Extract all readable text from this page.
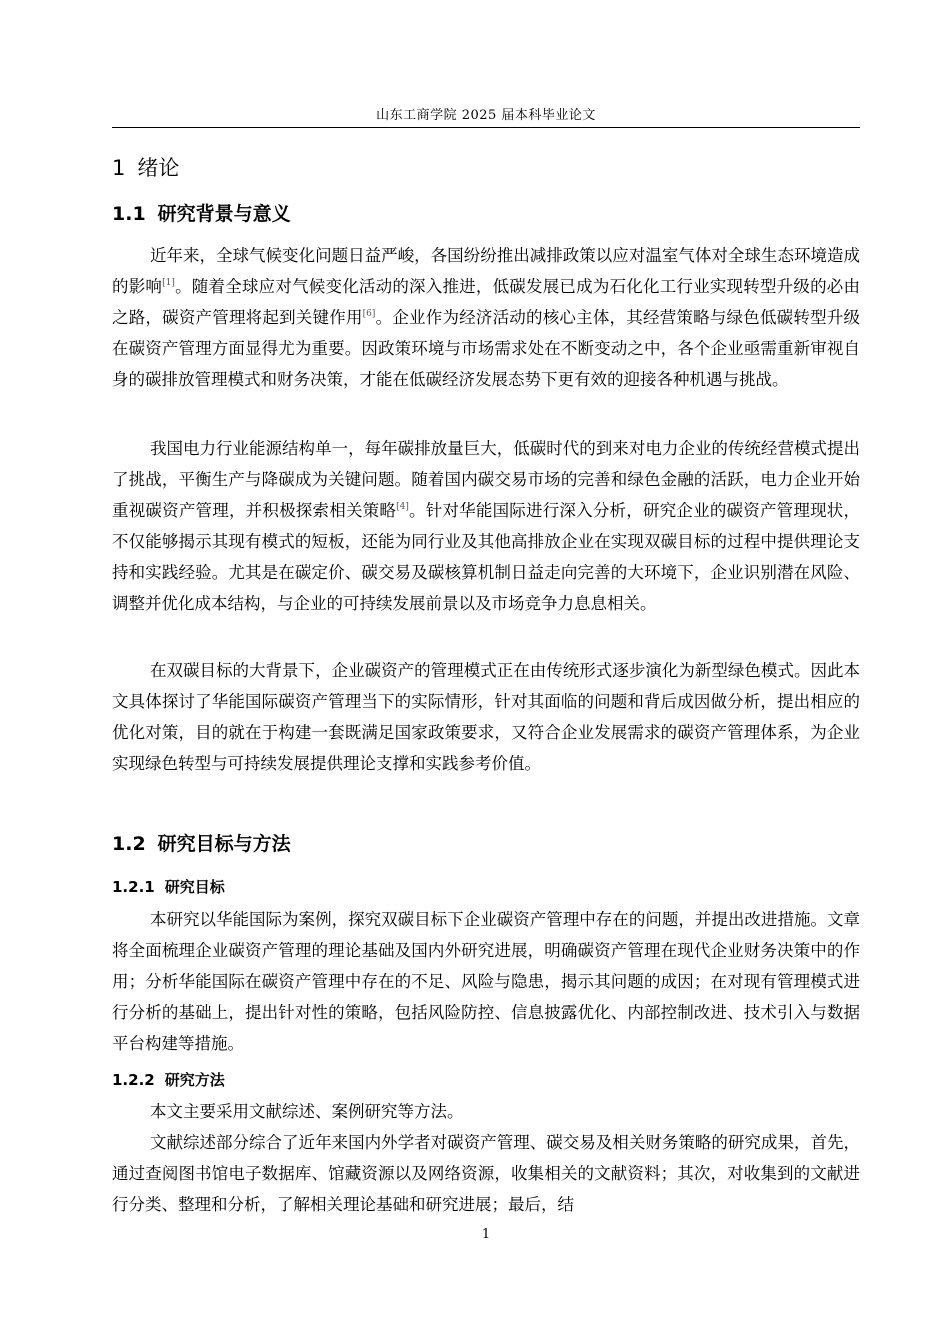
山东工商学院 2025 届本科毕业论文
1 绪论
1.1 研究背景与意义
近年来，全球气候变化问题日益严峻，各国纷纷推出减排政策以应对温室气体对全球生态环境造成的影响[1]。随着全球应对气候变化活动的深入推进，低碳发展已成为石化化工行业实现转型升级的必由之路，碳资产管理将起到关键作用[6]。企业作为经济活动的核心主体，其经营策略与绿色低碳转型升级在碳资产管理方面显得尤为重要。因政策环境与市场需求处在不断变动之中，各个企业亟需重新审视自身的碳排放管理模式和财务决策，才能在低碳经济发展态势下更有效的迎接各种机遇与挑战。
我国电力行业能源结构单一，每年碳排放量巨大，低碳时代的到来对电力企业的传统经营模式提出了挑战，平衡生产与降碳成为关键问题。随着国内碳交易市场的完善和绿色金融的活跃，电力企业开始重视碳资产管理，并积极探索相关策略[4]。针对华能国际进行深入分析，研究企业的碳资产管理现状，不仅能够揭示其现有模式的短板，还能为同行业及其他高排放企业在实现双碳目标的过程中提供理论支持和实践经验。尤其是在碳定价、碳交易及碳核算机制日益走向完善的大环境下，企业识别潜在风险、调整并优化成本结构，与企业的可持续发展前景以及市场竞争力息息相关。
在双碳目标的大背景下，企业碳资产的管理模式正在由传统形式逐步演化为新型绿色模式。因此本文具体探讨了华能国际碳资产管理当下的实际情形，针对其面临的问题和背后成因做分析，提出相应的优化对策，目的就在于构建一套既满足国家政策要求，又符合企业发展需求的碳资产管理体系，为企业实现绿色转型与可持续发展提供理论支撑和实践参考价值。
1.2 研究目标与方法
1.2.1 研究目标
本研究以华能国际为案例，探究双碳目标下企业碳资产管理中存在的问题，并提出改进措施。文章将全面梳理企业碳资产管理的理论基础及国内外研究进展，明确碳资产管理在现代企业财务决策中的作用；分析华能国际在碳资产管理中存在的不足、风险与隐患，揭示其问题的成因；在对现有管理模式进行分析的基础上，提出针对性的策略，包括风险防控、信息披露优化、内部控制改进、技术引入与数据平台构建等措施。
1.2.2 研究方法
本文主要采用文献综述、案例研究等方法。
文献综述部分综合了近年来国内外学者对碳资产管理、碳交易及相关财务策略的研究成果，首先，通过查阅图书馆电子数据库、馆藏资源以及网络资源，收集相关的文献资料；其次，对收集到的文献进行分类、整理和分析，了解相关理论基础和研究进展；最后，结
1
